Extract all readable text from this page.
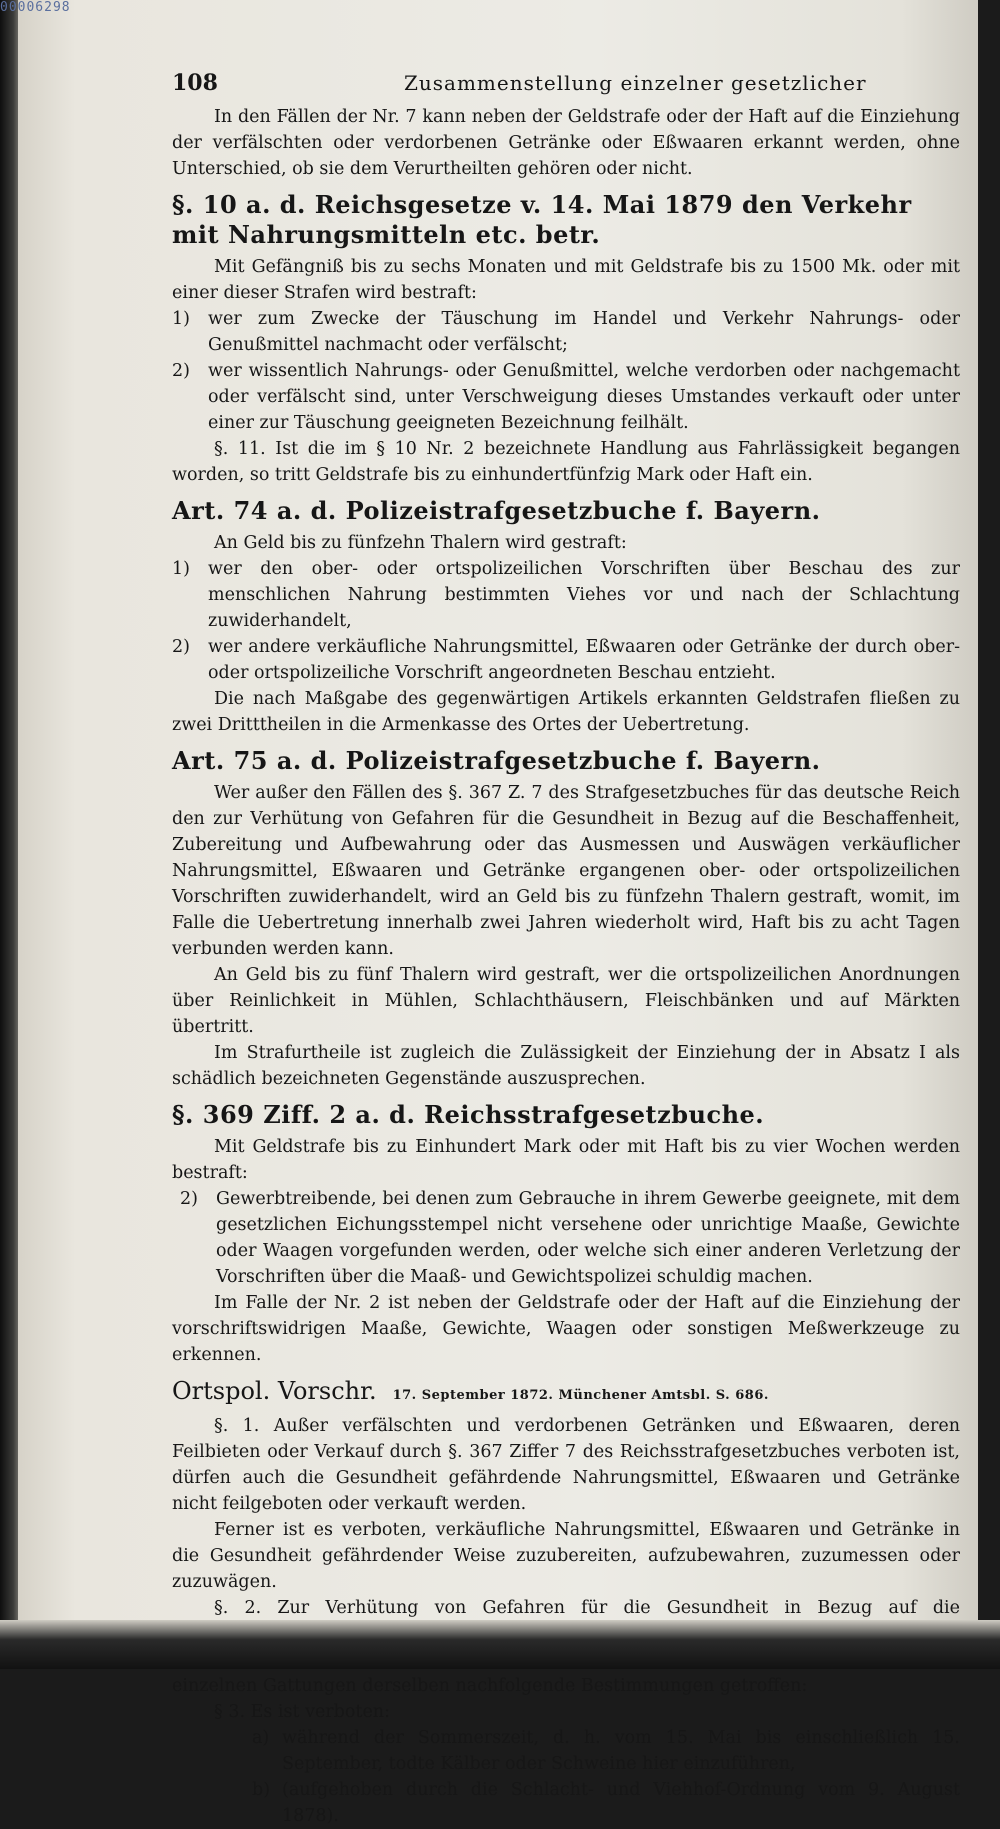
00006298
108	Zusammenstellung einzelner gesetzlicher

In den Fällen der Nr. 7 kann neben der Geldstrafe oder der Haft auf die Einziehung der verfälschten oder verdorbenen Getränke oder Eßwaaren erkannt werden, ohne Unterschied, ob sie dem Verurtheilten gehören oder nicht.

§. 10 a. d. Reichsgesetze v. 14. Mai 1879 den Verkehr mit Nahrungsmitteln etc. betr.

Mit Gefängniß bis zu sechs Monaten und mit Geldstrafe bis zu 1500 Mk. oder mit einer dieser Strafen wird bestraft:

1)	wer zum Zwecke der Täuschung im Handel und Verkehr Nahrungs- oder Genußmittel nachmacht oder verfälscht;
2)	wer wissentlich Nahrungs- oder Genußmittel, welche verdorben oder nachgemacht oder verfälscht sind, unter Verschweigung dieses Umstandes verkauft oder unter einer zur Täuschung geeigneten Bezeichnung feilhält.

§. 11. Ist die im § 10 Nr. 2 bezeichnete Handlung aus Fahrlässigkeit begangen worden, so tritt Geldstrafe bis zu einhundertfünfzig Mark oder Haft ein.

Art. 74 a. d. Polizeistrafgesetzbuche f. Bayern.

An Geld bis zu fünfzehn Thalern wird gestraft:

1)	wer den ober- oder ortspolizeilichen Vorschriften über Beschau des zur menschlichen Nahrung bestimmten Viehes vor und nach der Schlachtung zuwiderhandelt,
2)	wer andere verkäufliche Nahrungsmittel, Eßwaaren oder Getränke der durch ober- oder ortspolizeiliche Vorschrift angeordneten Beschau entzieht.

Die nach Maßgabe des gegenwärtigen Artikels erkannten Geldstrafen fließen zu zwei Dritttheilen in die Armenkasse des Ortes der Uebertretung.

Art. 75 a. d. Polizeistrafgesetzbuche f. Bayern.

Wer außer den Fällen des §. 367 Z. 7 des Strafgesetzbuches für das deutsche Reich den zur Verhütung von Gefahren für die Gesundheit in Bezug auf die Beschaffenheit, Zubereitung und Aufbewahrung oder das Ausmessen und Auswägen verkäuflicher Nahrungsmittel, Eßwaaren und Getränke ergangenen ober- oder ortspolizeilichen Vorschriften zuwiderhandelt, wird an Geld bis zu fünfzehn Thalern gestraft, womit, im Falle die Uebertretung innerhalb zwei Jahren wiederholt wird, Haft bis zu acht Tagen verbunden werden kann.

An Geld bis zu fünf Thalern wird gestraft, wer die ortspolizeilichen Anordnungen über Reinlichkeit in Mühlen, Schlachthäusern, Fleischbänken und auf Märkten übertritt.

Im Strafurtheile ist zugleich die Zulässigkeit der Einziehung der in Absatz I als schädlich bezeichneten Gegenstände auszusprechen.

§. 369 Ziff. 2 a. d. Reichsstrafgesetzbuche.

Mit Geldstrafe bis zu Einhundert Mark oder mit Haft bis zu vier Wochen werden bestraft:

2)	Gewerbtreibende, bei denen zum Gebrauche in ihrem Gewerbe geeignete, mit dem gesetzlichen Eichungsstempel nicht versehene oder unrichtige Maaße, Gewichte oder Waagen vorgefunden werden, oder welche sich einer anderen Verletzung der Vorschriften über die Maaß- und Gewichtspolizei schuldig machen.

Im Falle der Nr. 2 ist neben der Geldstrafe oder der Haft auf die Einziehung der vorschriftswidrigen Maaße, Gewichte, Waagen oder sonstigen Meßwerkzeuge zu erkennen.

Ortspol. Vorschr. 17. September 1872. Münchener Amtsbl. S. 686.

§. 1. Außer verfälschten und verdorbenen Getränken und Eßwaaren, deren Feilbieten oder Verkauf durch §. 367 Ziffer 7 des Reichsstrafgesetzbuches verboten ist, dürfen auch die Gesundheit gefährdende Nahrungsmittel, Eßwaaren und Getränke nicht feilgeboten oder verkauft werden.

Ferner ist es verboten, verkäufliche Nahrungsmittel, Eßwaaren und Getränke in die Gesundheit gefährdender Weise zuzubereiten, aufzubewahren, zuzumessen oder zuzuwägen.

§. 2. Zur Verhütung von Gefahren für die Gesundheit in Bezug auf die einzelnen Gattungen derselben nachfolgende Bestimmungen getroffen:

§ 3. Es ist verboten:

a) während der Sommerszeit, d. h. vom 15. Mai bis einschließlich 15. September, todte Kälber oder Schweine hier einzuführen,
b) (aufgehoben durch die Schlacht- und Viehhof-Ordnung vom 9. August 1878).
